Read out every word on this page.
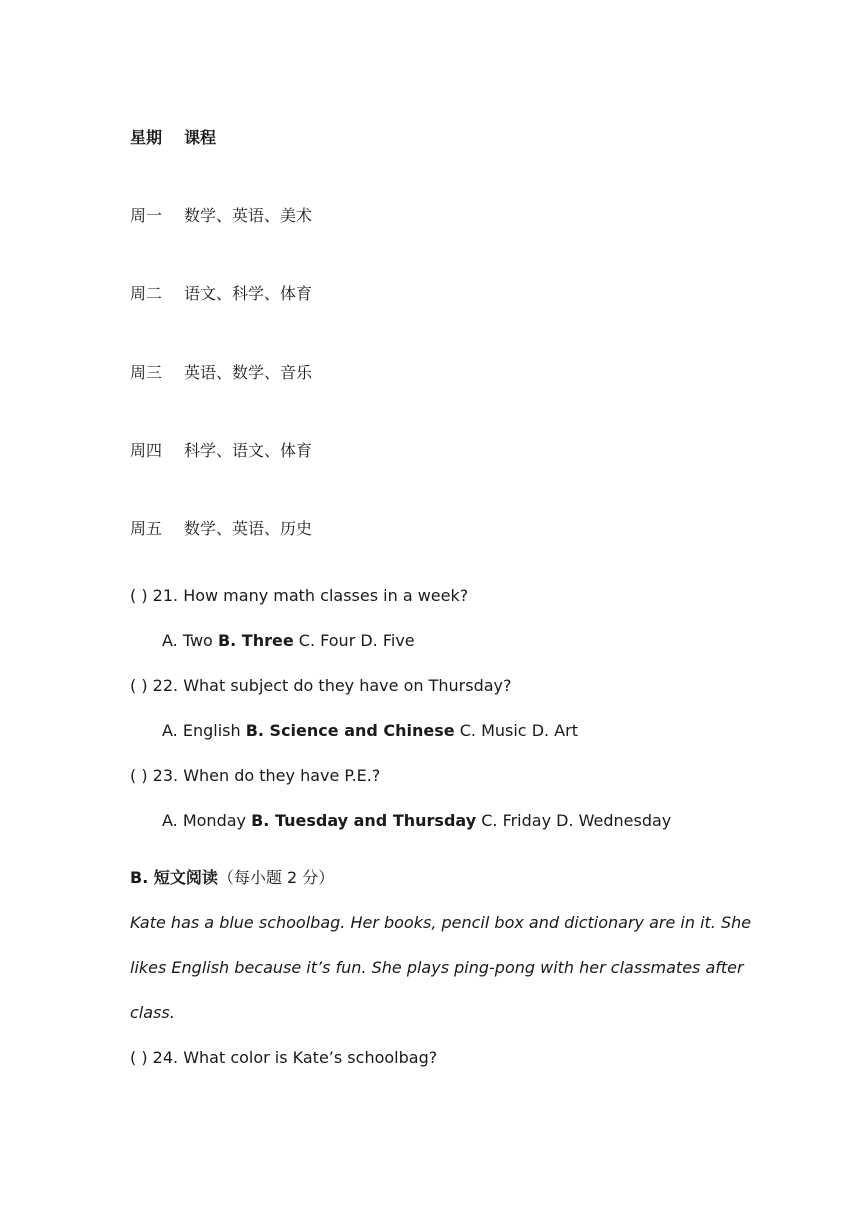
星期 课程
周一 数学、英语、美术
周二 语文、科学、体育
周三 英语、数学、音乐
周四 科学、语文、体育
周五 数学、英语、历史
( ) 21. How many math classes in a week?
A. Two B. Three C. Four D. Five
( ) 22. What subject do they have on Thursday?
A. English B. Science and Chinese C. Music D. Art
( ) 23. When do they have P.E.?
A. Monday B. Tuesday and Thursday C. Friday D. Wednesday
B. 短文阅读（每小题 2 分）
Kate has a blue schoolbag. Her books, pencil box and dictionary are in it. She
likes English because it’s fun. She plays ping-pong with her classmates after
class.
( ) 24. What color is Kate’s schoolbag?
